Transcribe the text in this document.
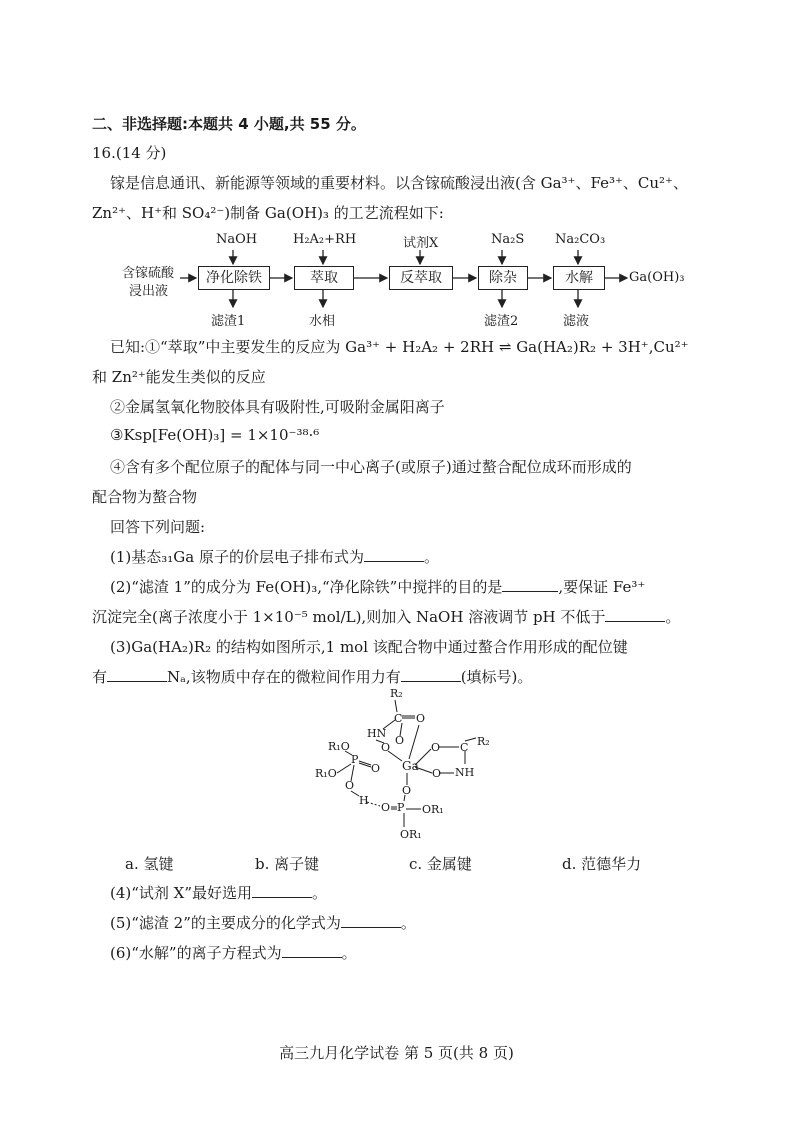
二、非选择题:本题共 4 小题,共 55 分。
16.(14 分)
镓是信息通讯、新能源等领域的重要材料。以含镓硫酸浸出液(含 Ga³⁺、Fe³⁺、Cu²⁺、
Zn²⁺、H⁺和 SO₄²⁻)制备 Ga(OH)₃ 的工艺流程如下:
含镓硫酸
浸出液
NaOH	H₂A₂+RH	试剂X	Na₂S Na₂CO₃
净化除铁	萃取	反萃取	除杂	水解	Ga(OH)₃
滤渣1	水相	滤渣2	滤液
已知:①“萃取”中主要发生的反应为 Ga³⁺ + H₂A₂ + 2RH ⇌ Ga(HA₂)R₂ + 3H⁺,Cu²⁺
和 Zn²⁺能发生类似的反应
②金属氢氧化物胶体具有吸附性,可吸附金属阳离子
③Ksp[Fe(OH)₃] = 1×10⁻³⁸·⁶
④含有多个配位原子的配体与同一中心离子(或原子)通过螯合配位成环而形成的
配合物为螯合物
回答下列问题:
(1)基态₃₁Ga 原子的价层电子排布式为	。
(2)“滤渣 1”的成分为 Fe(OH)₃,“净化除铁”中搅拌的目的是	,要保证 Fe³⁺
沉淀完全(离子浓度小于 1×10⁻⁵ mol/L),则加入 NaOH 溶液调节 pH 不低于	。
(3)Ga(HA₂)R₂ 的结构如图所示,1 mol 该配合物中通过螯合作用形成的配位键
有	Nₐ,该物质中存在的微粒间作用力有	(填标号)。
R₂
C O
HN
O
Ga
O C R₂
O NH
R₁O
P
O
R₁O
O
H
O P OR₁
OR₁
O
O
a. 氢键	b. 离子键	c. 金属键	d. 范德华力
(4)“试剂 X”最好选用	。
(5)“滤渣 2”的主要成分的化学式为	。
(6)“水解”的离子方程式为	。
高三九月化学试卷 第 5 页(共 8 页)
